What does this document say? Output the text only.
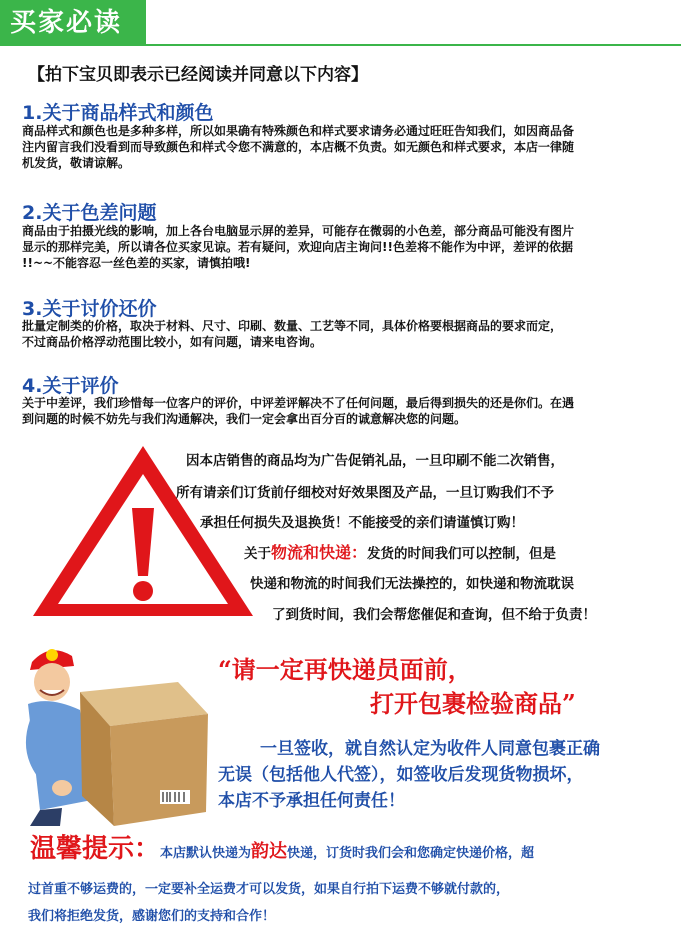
买家必读
【拍下宝贝即表示已经阅读并同意以下内容】
1.关于商品样式和颜色
商品样式和颜色也是多种多样，所以如果确有特殊颜色和样式要求请务必通过旺旺告知我们，如因商品备
注内留言我们没看到而导致颜色和样式令您不满意的，本店概不负责。如无颜色和样式要求，本店一律随
机发货，敬请谅解。
2.关于色差问题
商品由于拍摄光线的影响，加上各台电脑显示屏的差异，可能存在微弱的小色差，部分商品可能没有图片
显示的那样完美，所以请各位买家见谅。若有疑问，欢迎向店主询问!!色差将不能作为中评，差评的依据
!!~~不能容忍一丝色差的买家，请慎拍哦!
3.关于讨价还价
批量定制类的价格，取决于材料、尺寸、印刷、数量、工艺等不同，具体价格要根据商品的要求而定，
不过商品价格浮动范围比较小，如有问题，请来电咨询。
4.关于评价
关于中差评，我们珍惜每一位客户的评价，中评差评解决不了任何问题，最后得到损失的还是你们。在遇
到问题的时候不妨先与我们沟通解决，我们一定会拿出百分百的诚意解决您的问题。
因本店销售的商品均为广告促销礼品，一旦印刷不能二次销售，
所有请亲们订货前仔细校对好效果图及产品，一旦订购我们不予
承担任何损失及退换货！不能接受的亲们请谨慎订购！
关于物流和快递：发货的时间我们可以控制，但是
快递和物流的时间我们无法操控的，如快递和物流耽误
了到货时间，我们会帮您催促和查询，但不给于负责！
“请一定再快递员面前，
打开包裹检验商品”
一旦签收，就自然认定为收件人同意包裹正确
无误（包括他人代签），如签收后发现货物损坏，
本店不予承担任何责任！
温馨提示：本店默认快递为韵达快递，订货时我们会和您确定快递价格，超
过首重不够运费的，一定要补全运费才可以发货，如果自行拍下运费不够就付款的，
我们将拒绝发货，感谢您们的支持和合作！
